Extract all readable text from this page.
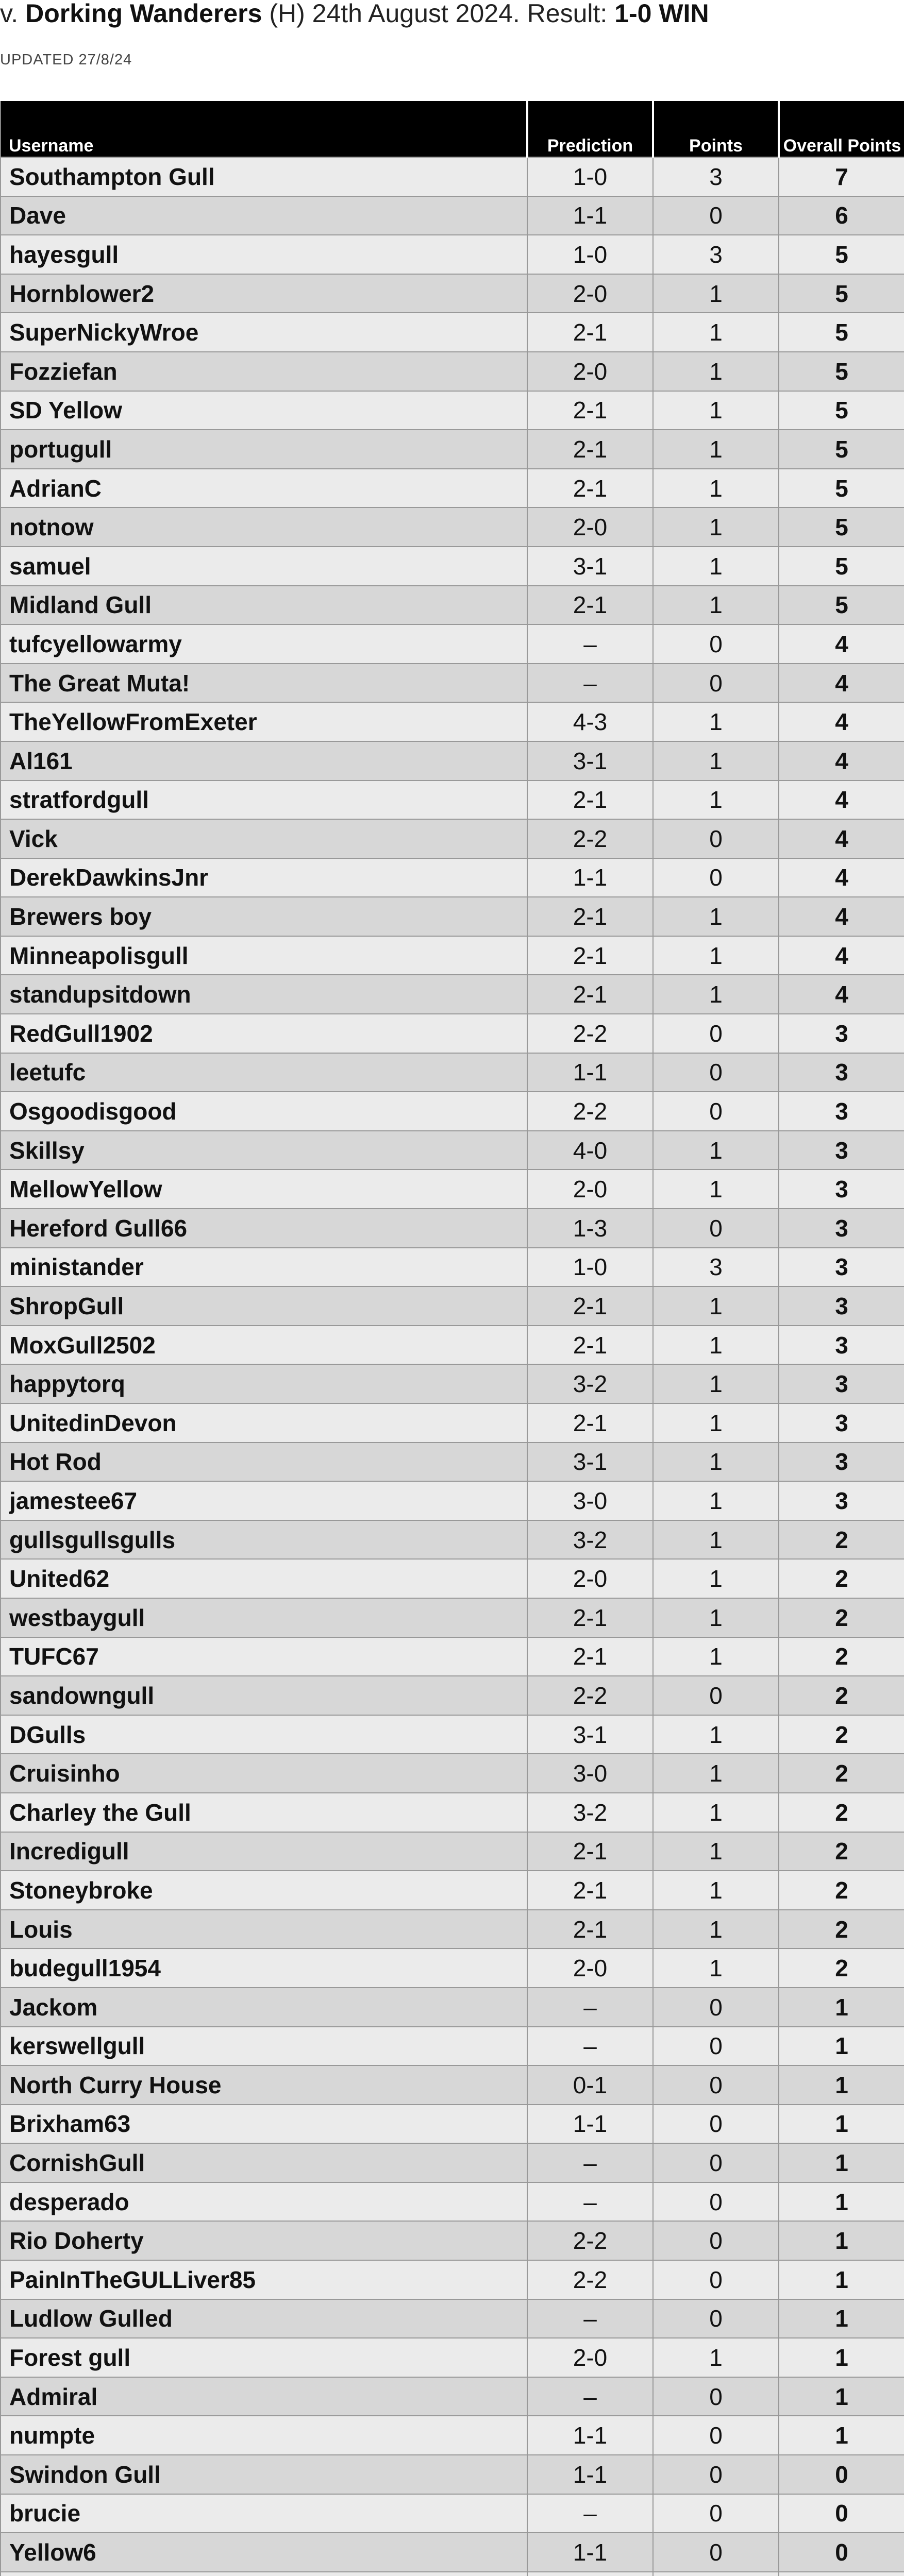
v. Dorking Wanderers (H) 24th August 2024. Result: 1-0 WIN
UPDATED 27/8/24
Username	Prediction	Points	Overall Points
Southampton Gull	1-0	3	7
Dave	1-1	0	6
hayesgull	1-0	3	5
Hornblower2	2-0	1	5
SuperNickyWroe	2-1	1	5
Fozziefan	2-0	1	5
SD Yellow	2-1	1	5
portugull	2-1	1	5
AdrianC	2-1	1	5
notnow	2-0	1	5
samuel	3-1	1	5
Midland Gull	2-1	1	5
tufcyellowarmy	–	0	4
The Great Muta!	–	0	4
TheYellowFromExeter	4-3	1	4
Al161	3-1	1	4
stratfordgull	2-1	1	4
Vick	2-2	0	4
DerekDawkinsJnr	1-1	0	4
Brewers boy	2-1	1	4
Minneapolisgull	2-1	1	4
standupsitdown	2-1	1	4
RedGull1902	2-2	0	3
leetufc	1-1	0	3
Osgoodisgood	2-2	0	3
Skillsy	4-0	1	3
MellowYellow	2-0	1	3
Hereford Gull66	1-3	0	3
ministander	1-0	3	3
ShropGull	2-1	1	3
MoxGull2502	2-1	1	3
happytorq	3-2	1	3
UnitedinDevon	2-1	1	3
Hot Rod	3-1	1	3
jamestee67	3-0	1	3
gullsgullsgulls	3-2	1	2
United62	2-0	1	2
westbaygull	2-1	1	2
TUFC67	2-1	1	2
sandowngull	2-2	0	2
DGulls	3-1	1	2
Cruisinho	3-0	1	2
Charley the Gull	3-2	1	2
Incredigull	2-1	1	2
Stoneybroke	2-1	1	2
Louis	2-1	1	2
budegull1954	2-0	1	2
Jackom	–	0	1
kerswellgull	–	0	1
North Curry House	0-1	0	1
Brixham63	1-1	0	1
CornishGull	–	0	1
desperado	–	0	1
Rio Doherty	2-2	0	1
PainInTheGULLiver85	2-2	0	1
Ludlow Gulled	–	0	1
Forest gull	2-0	1	1
Admiral	–	0	1
numpte	1-1	0	1
Swindon Gull	1-1	0	0
brucie	–	0	0
Yellow6	1-1	0	0
